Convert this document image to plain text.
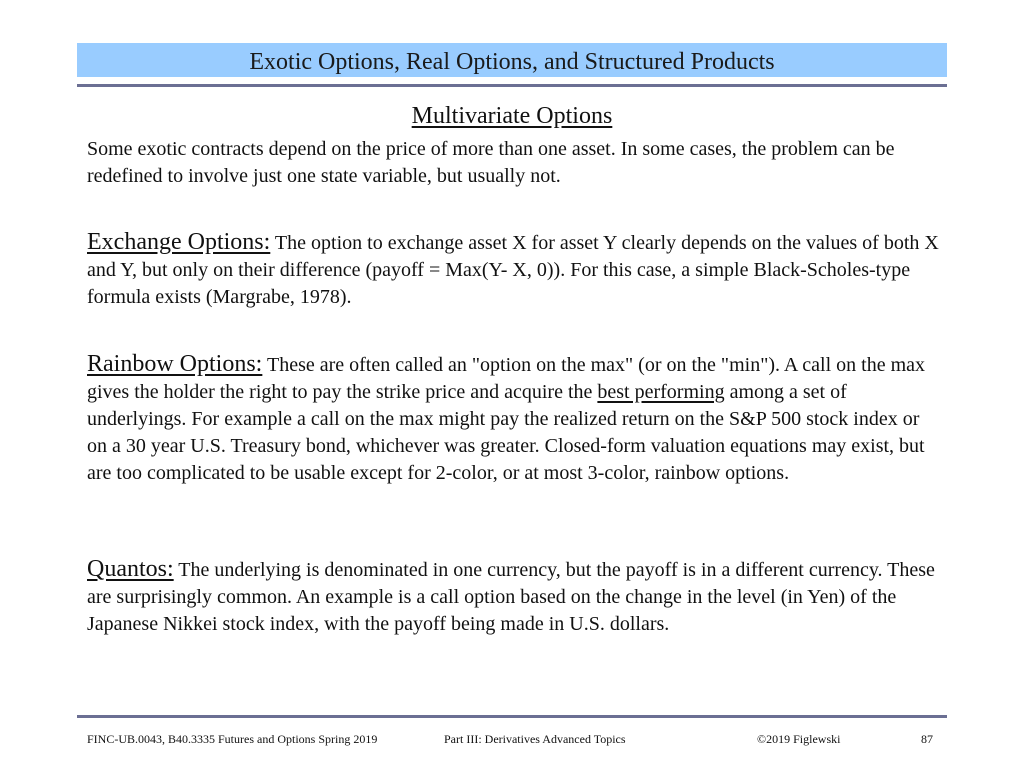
Exotic Options, Real Options, and Structured Products
Multivariate Options
Some exotic contracts depend on the price of more than one asset. In some cases, the problem can be redefined to involve just one state variable, but usually not.
Exchange Options: The option to exchange asset X for asset Y clearly depends on the values of both X and Y, but only on their difference (payoff = Max(Y- X, 0)). For this case, a simple Black-Scholes-type formula exists (Margrabe, 1978).
Rainbow Options: These are often called an "option on the max" (or on the "min"). A call on the max gives the holder the right to pay the strike price and acquire the best performing among a set of underlyings. For example a call on the max might pay the realized return on the S&P 500 stock index or on a 30 year U.S. Treasury bond, whichever was greater. Closed-form valuation equations may exist, but are too complicated to be usable except for 2-color, or at most 3-color, rainbow options.
Quantos: The underlying is denominated in one currency, but the payoff is in a different currency. These are surprisingly common. An example is a call option based on the change in the level (in Yen) of the Japanese Nikkei stock index, with the payoff being made in U.S. dollars.
FINC-UB.0043, B40.3335 Futures and Options Spring 2019	Part III: Derivatives Advanced Topics	©2019 Figlewski	87
